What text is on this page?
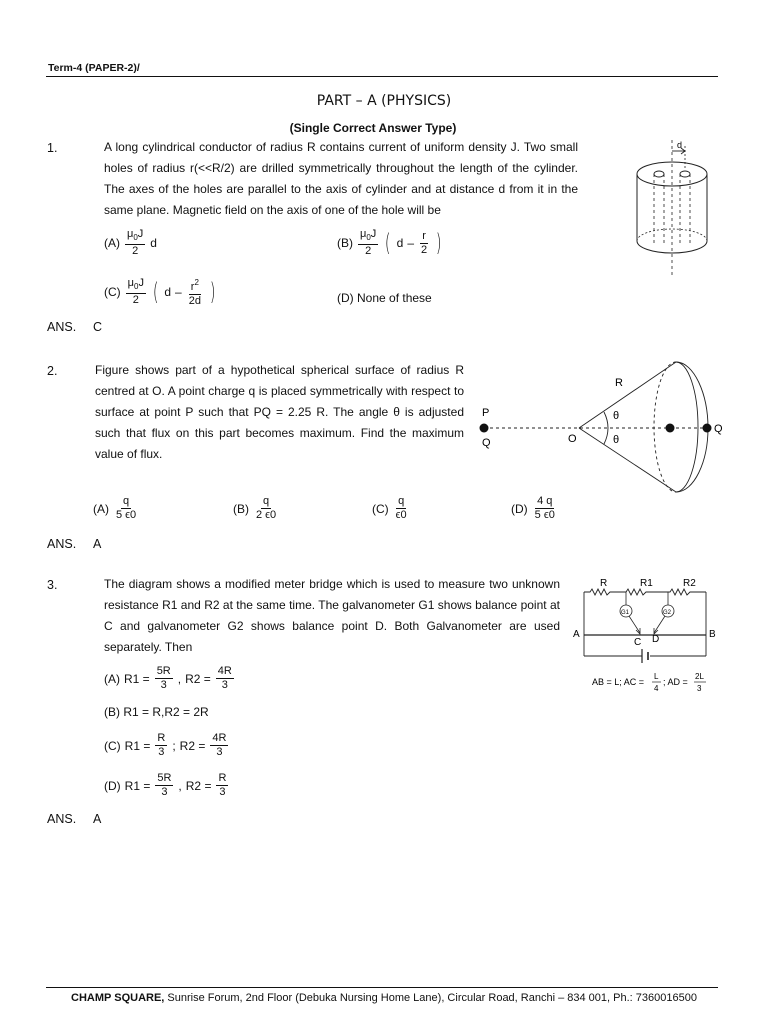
Term-4 (PAPER-2)/
PART – A (PHYSICS)
(Single Correct Answer Type)
1.	A long cylindrical conductor of radius R contains current of uniform density J. Two small holes of radius r(<<R/2) are drilled symmetrically throughout the length of the cylinder. The axes of the holes are parallel to the axis of cylinder and at distance d from it in the same plane. Magnetic field on the axis of one of the hole will be
$(A) \frac{\mu_0J}{2}$ d	$(B) \frac{\mu_0J}{2}$ ( d – $\frac{r}{2}$ )
$(C) \frac{\mu_0J}{2}$ ( d – $\frac{r^2}{2d}$ )	(D) None of these
ANS. C
d
2.	Figure shows part of a hypothetical spherical surface of radius R centred at O. A point charge q is placed symmetrically with respect to surface at point P such that PQ = 2.25 R. The angle θ is adjusted such that flux on this part becomes maximum. Find the maximum value of flux.
$(A) \frac{q}{5 \epsilon 0}$	$(B) \frac{q}{2 \epsilon 0}$	$(C) \frac{q}{\epsilon 0}$	$(D) \frac{4 q}{5 \epsilon 0}$
ANS. A
R
P
Q	O
Q
θ
θ
3.	The diagram shows a modified meter bridge which is used to measure two unknown resistance R1 and R2 at the same time. The galvanometer G1 shows balance point at C and galvanometer G2 shows balance point D. Both Galvanometer are used separately. Then
(A) $R1 = \frac{5R}{3}$ , $R2 = \frac{4R}{3}$
(B) R1 = R,R2 = 2R
(C) $R1 = \frac{R}{3}$ ; $R2 = \frac{4R}{3}$
(D) $R1 = \frac{5R}{3}$ , $R2 = \frac{R}{3}$
ANS. A
R	R1	R2
G1	G2
A	B
C D
AB = L; AC =
L
4
; AD =
2L
3
CHAMP SQUARE, Sunrise Forum, 2nd Floor (Debuka Nursing Home Lane), Circular Road, Ranchi – 834 001, Ph.: 7360016500
